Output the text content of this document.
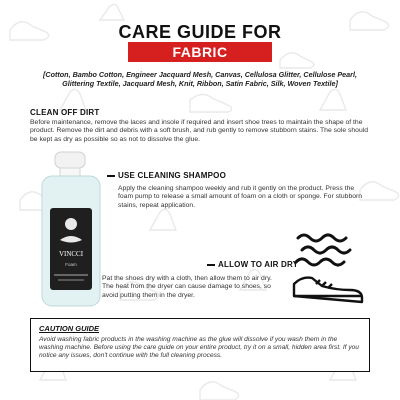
CARE GUIDE FOR
FABRIC
[Cotton, Bambo Cotton, Engineer Jacquard Mesh, Canvas, Cellulosa Glitter, Cellulose Pearl, Glittering Textile, Jacquard Mesh, Knit, Ribbon, Satin Fabric, Silk, Woven Textile]
CLEAN OFF DIRT
Before maintenance, remove the laces and insole if required and insert shoe trees to maintain the shape of the product. Remove the dirt and debris with a soft brush, and rub gently to remove stubborn stains. The sole should be kept as dry as possible so as not to dissolve the glue.
USE CLEANING SHAMPOO
Apply the cleaning shampoo weekly and rub it gently on the product. Press the foam pump to release a small amount of foam on a cloth or sponge. For stubborn stains, repeat application.
VINCCI
Foam	ALLOW TO AIR DRY
Pat the shoes dry with a cloth, then allow them to air dry. The heat from the dryer can cause damage to shoes, so avoid putting them in the dryer.
CAUTION GUIDE
Avoid washing fabric products in the washing machine as the glue will dissolve if you wash them in the washing machine. Before using the care guide on your entire product, try it on a small, hidden area first. If you notice any issues, don't continue with the full cleaning process.
